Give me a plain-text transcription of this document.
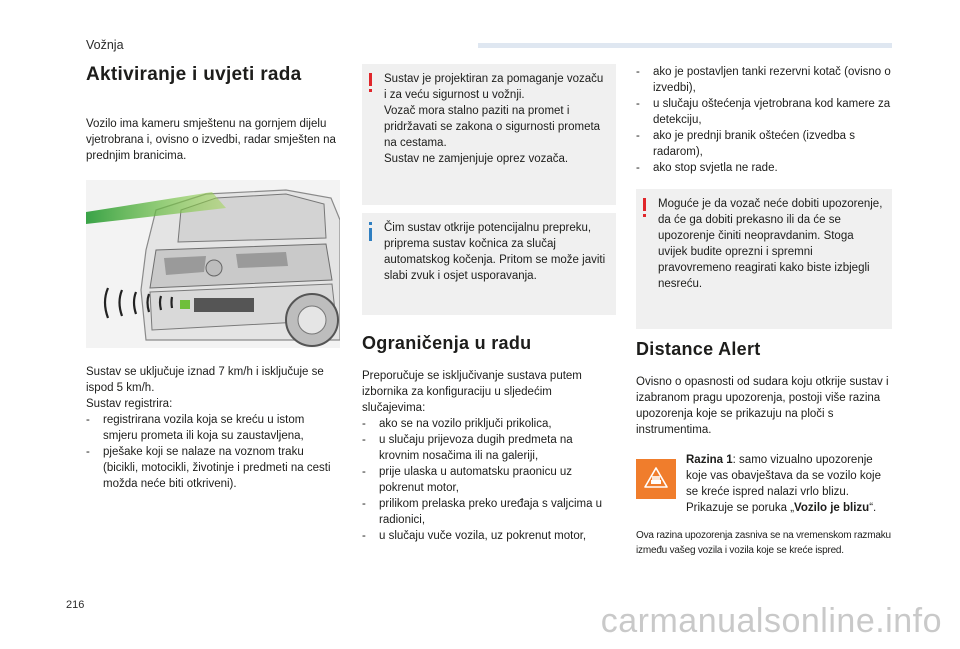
Vožnja
Aktiviranje i uvjeti rada

Vozilo ima kameru smještenu na gornjem dijelu vjetrobrana i, ovisno o izvedbi, radar smješten na prednjim branicima.

Sustav se uključuje iznad 7 km/h i isključuje se ispod 5 km/h.

Sustav registrira:

- registrirana vozila koja se kreću u istom smjeru prometa ili koja su zaustavljena,
- pješake koji se nalaze na voznom traku (bicikli, motocikli, životinje i predmeti na cesti možda neće biti otkriveni).

Sustav je projektiran za pomaganje vozaču i za veću sigurnost u vožnji.

Vozač mora stalno paziti na promet i pridržavati se zakona o sigurnosti prometa na cestama.

Sustav ne zamjenjuje oprez vozača.

Čim sustav otkrije potencijalnu prepreku, priprema sustav kočnica za slučaj automatskog kočenja. Pritom se može javiti slabi zvuk i osjet usporavanja.

Ograničenja u radu

Preporučuje se isključivanje sustava putem izbornika za konfiguraciju u sljedećim slučajevima:

- ako se na vozilo priključi prikolica,
- u slučaju prijevoza dugih predmeta na krovnim nosačima ili na galeriji,
- prije ulaska u automatsku praonicu uz pokrenut motor,
- prilikom prelaska preko uređaja s valjcima u radionici,
- u slučaju vuče vozila, uz pokrenut motor,
- ako je postavljen tanki rezervni kotač (ovisno o izvedbi),
- u slučaju oštećenja vjetrobrana kod kamere za detekciju,
- ako je prednji branik oštećen (izvedba s radarom),
- ako stop svjetla ne rade.

Moguće je da vozač neće dobiti upozorenje, da će ga dobiti prekasno ili da će se upozorenje činiti neopravdanim. Stoga uvijek budite oprezni i spremni pravovremeno reagirati kako biste izbjegli nesreću.

Distance Alert

Ovisno o opasnosti od sudara koju otkrije sustav i izabranom pragu upozorenja, postoji više razina upozorenja koje se prikazuju na ploči s instrumentima.

Razina 1: samo vizualno upozorenje koje vas obavještava da se vozilo koje se kreće ispred nalazi vrlo blizu. Prikazuje se poruka „Vozilo je blizu“.

Ova razina upozorenja zasniva se na vremenskom razmaku između vašeg vozila i vozila koje se kreće ispred.

216	carmanualsonline.info
